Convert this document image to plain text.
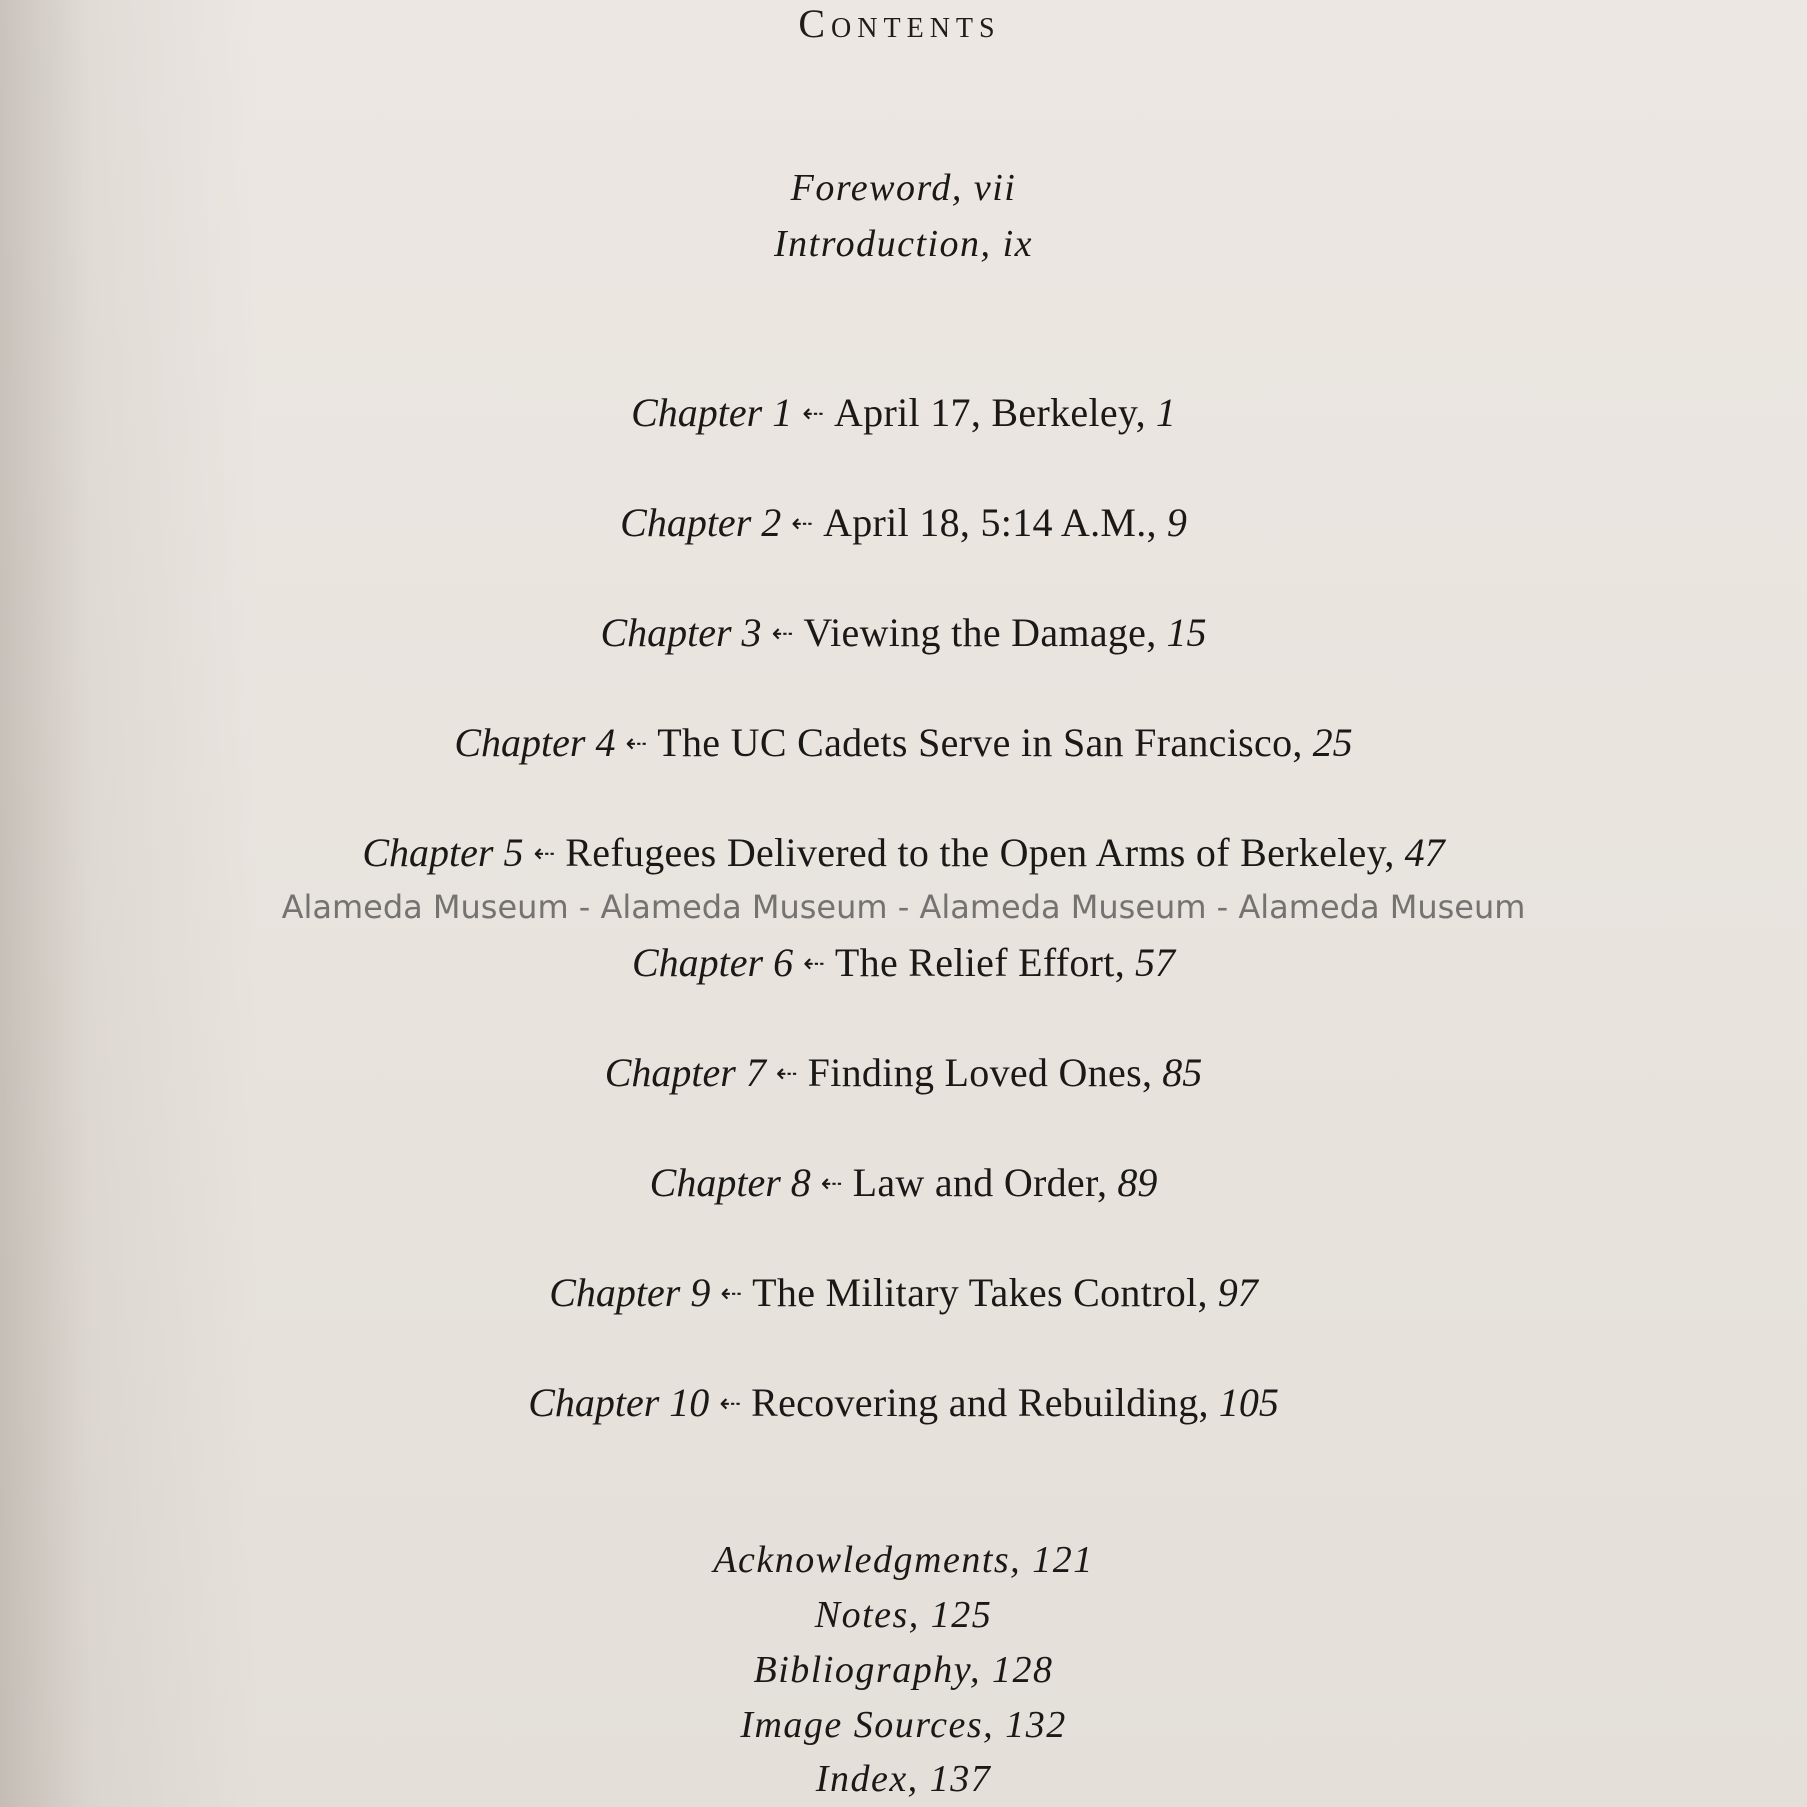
Contents
Foreword, vii
Introduction, ix
Chapter 1 ⇠ April 17, Berkeley, 1
Chapter 2 ⇠ April 18, 5:14 A.M., 9
Chapter 3 ⇠ Viewing the Damage, 15
Chapter 4 ⇠ The UC Cadets Serve in San Francisco, 25
Chapter 5 ⇠ Refugees Delivered to the Open Arms of Berkeley, 47
Alameda Museum - Alameda Museum - Alameda Museum - Alameda Museum
Chapter 6 ⇠ The Relief Effort, 57
Chapter 7 ⇠ Finding Loved Ones, 85
Chapter 8 ⇠ Law and Order, 89
Chapter 9 ⇠ The Military Takes Control, 97
Chapter 10 ⇠ Recovering and Rebuilding, 105
Acknowledgments, 121
Notes, 125
Bibliography, 128
Image Sources, 132
Index, 137
